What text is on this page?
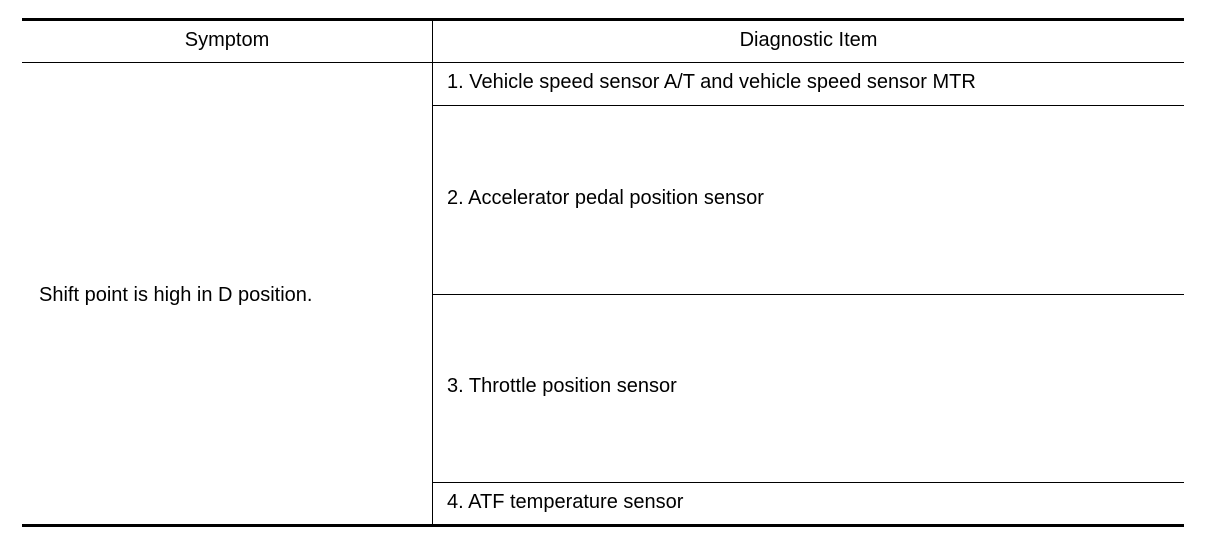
Symptom	Diagnostic Item
Shift point is high in D position.
1. Vehicle speed sensor A/T and vehicle speed sensor MTR
2. Accelerator pedal position sensor
3. Throttle position sensor
4. ATF temperature sensor
